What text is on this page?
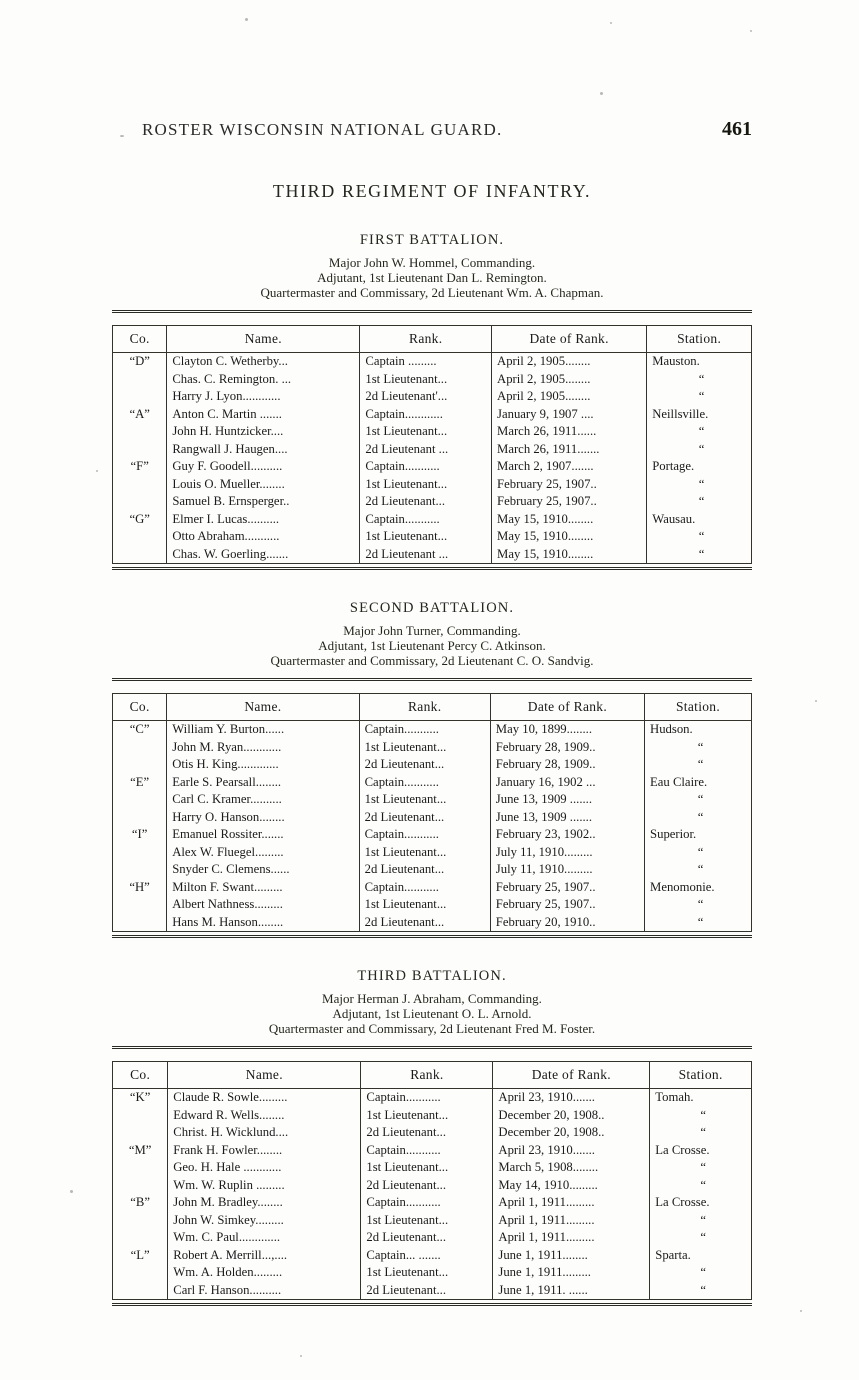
ROSTER WISCONSIN NATIONAL GUARD.	461
THIRD REGIMENT OF INFANTRY.
FIRST BATTALION.
Major John W. Hommel, Commanding.
Adjutant, 1st Lieutenant Dan L. Remington.
Quartermaster and Commissary, 2d Lieutenant Wm. A. Chapman.
Co.	Name.	Rank.	Date of Rank.	Station.
“D”	Clayton C. Wetherby...	Captain .........	April 2, 1905........	Mauston.
	Chas. C. Remington. ...	1st Lieutenant...	April 2, 1905........	“

	Harry J. Lyon............	2d Lieutenant'...	April 2, 1905........	“

“A”	Anton C. Martin .......	Captain............	January 9, 1907 ....	Neillsville.
	John H. Huntzicker....	1st Lieutenant...	March 26, 1911......	“

	Rangwall J. Haugen....	2d Lieutenant ...	March 26, 1911.......	“

“F”	Guy F. Goodell..........	Captain...........	March 2, 1907.......	Portage.
	Louis O. Mueller........	1st Lieutenant...	February 25, 1907..	“

	Samuel B. Ernsperger..	2d Lieutenant...	February 25, 1907..	“

“G”	Elmer I. Lucas..........	Captain...........	May 15, 1910........	Wausau.
	Otto Abraham...........	1st Lieutenant...	May 15, 1910........	“

	Chas. W. Goerling.......	2d Lieutenant ...	May 15, 1910........	“
SECOND BATTALION.
Major John Turner, Commanding.
Adjutant, 1st Lieutenant Percy C. Atkinson.
Quartermaster and Commissary, 2d Lieutenant C. O. Sandvig.
Co.	Name.	Rank.	Date of Rank.	Station.
“C”	William Y. Burton......	Captain...........	May 10, 1899........	Hudson.
	John M. Ryan............	1st Lieutenant...	February 28, 1909..	“

	Otis H. King.............	2d Lieutenant...	February 28, 1909..	“

“E”	Earle S. Pearsall........	Captain...........	January 16, 1902 ...	Eau Claire.
	Carl C. Kramer..........	1st Lieutenant...	June 13, 1909 .......	“

	Harry O. Hanson........	2d Lieutenant...	June 13, 1909 .......	“

“I”	Emanuel Rossiter.......	Captain...........	February 23, 1902..	Superior.
	Alex W. Fluegel.........	1st Lieutenant...	July 11, 1910.........	“

	Snyder C. Clemens......	2d Lieutenant...	July 11, 1910.........	“

“H”	Milton F. Swant.........	Captain...........	February 25, 1907..	Menomonie.
	Albert Nathness.........	1st Lieutenant...	February 25, 1907..	“

	Hans M. Hanson........	2d Lieutenant...	February 20, 1910..	“
THIRD BATTALION.
Major Herman J. Abraham, Commanding.
Adjutant, 1st Lieutenant O. L. Arnold.
Quartermaster and Commissary, 2d Lieutenant Fred M. Foster.
Co.	Name.	Rank.	Date of Rank.	Station.
“K”	Claude R. Sowle.........	Captain...........	April 23, 1910.......	Tomah.
	Edward R. Wells........	1st Lieutenant...	December 20, 1908..	“

	Christ. H. Wicklund....	2d Lieutenant...	December 20, 1908..	“

“M”	Frank H. Fowler........	Captain...........	April 23, 1910.......	La Crosse.
	Geo. H. Hale ............	1st Lieutenant...	March 5, 1908........	“

	Wm. W. Ruplin .........	2d Lieutenant...	May 14, 1910.........	“

“B”	John M. Bradley........	Captain...........	April 1, 1911.........	La Crosse.
	John W. Simkey.........	1st Lieutenant...	April 1, 1911.........	“

	Wm. C. Paul.............	2d Lieutenant...	April 1, 1911.........	“

“L”	Robert A. Merrill...,....	Captain... .......	June 1, 1911........	Sparta.
	Wm. A. Holden.........	1st Lieutenant...	June 1, 1911.........	“

	Carl F. Hanson..........	2d Lieutenant...	June 1, 1911. ......	“
